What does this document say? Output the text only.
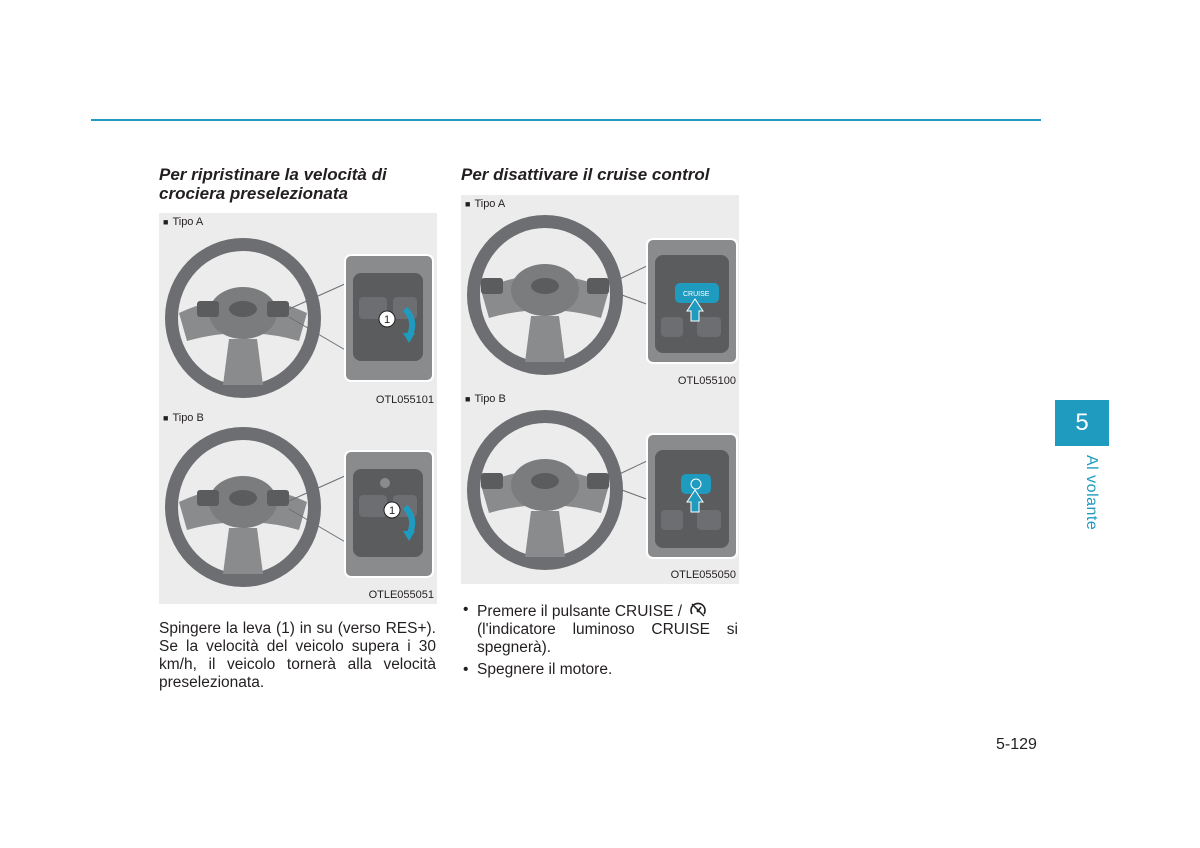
Per ripristinare la velocità di
crociera preselezionata
1
■ Tipo A
OTL055101
1
■ Tipo B
OTLE055051
Spingere la leva (1) in su (verso RES+). Se la velocità del veicolo supera i 30 km/h, il veicolo tornerà alla velocità preselezionata.
Per disattivare il cruise control
CRUISE
■ Tipo A
OTL055100
■ Tipo B
OTLE055050
• Premere il pulsante CRUISE /
(l'indicatore luminoso CRUISE si spegnerà).
• Spegnere il motore.
5
Al volante
5-129
